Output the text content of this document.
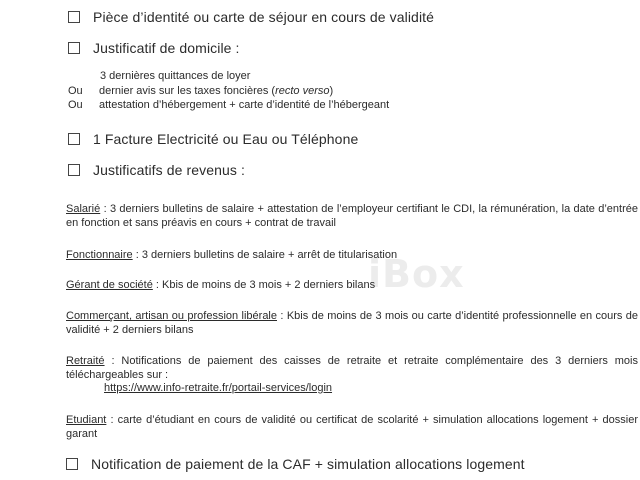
iBox
Pièce d’identité ou carte de séjour en cours de validité
Justificatif de domicile :
3 dernières quittances de loyer
Ou dernier avis sur les taxes foncières (recto verso)
Ou attestation d’hébergement + carte d’identité de l’hébergeant
1 Facture Electricité ou Eau ou Téléphone
Justificatifs de revenus :
Salarié : 3 derniers bulletins de salaire + attestation de l’employeur certifiant le CDI, la rémunération, la date d’entrée en fonction et sans préavis en cours + contrat de travail
Fonctionnaire : 3 derniers bulletins de salaire + arrêt de titularisation
Gérant de société : Kbis de moins de 3 mois + 2 derniers bilans
Commerçant, artisan ou profession libérale : Kbis de moins de 3 mois ou carte d’identité professionnelle en cours de validité + 2 derniers bilans
Retraité : Notifications de paiement des caisses de retraite et retraite complémentaire des 3 derniers mois téléchargeables sur :
https://www.info-retraite.fr/portail-services/login
Etudiant : carte d’étudiant en cours de validité ou certificat de scolarité + simulation allocations logement + dossier garant
Notification de paiement de la CAF + simulation allocations logement
